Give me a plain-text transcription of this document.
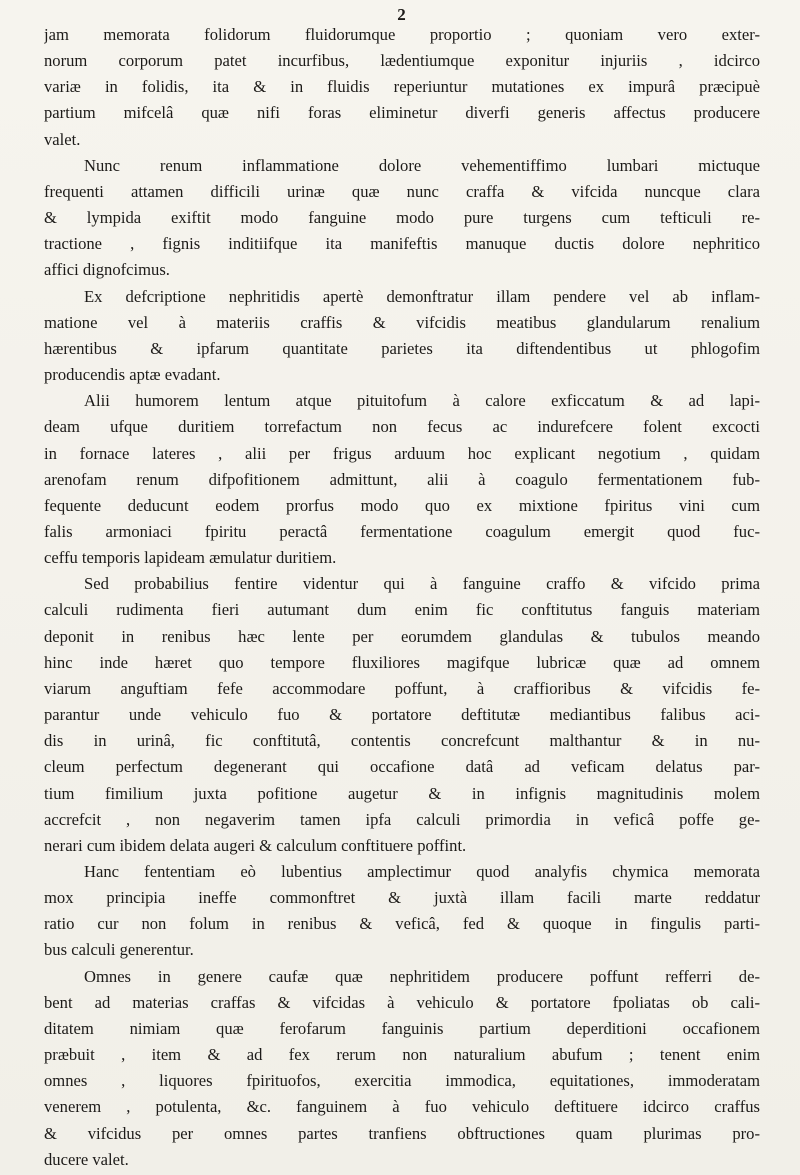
2

jam memorata folidorum fluidorumque proportio ; quoniam vero exter-
norum corporum patet incurfibus, lædentiumque exponitur injuriis , idcirco
variæ in folidis, ita & in fluidis reperiuntur mutationes ex impurâ præcipuè
partium mifcelâ quæ nifi foras eliminetur diverfi generis affectus producere
valet.

Nunc renum inflammatione dolore vehementiffimo lumbari mictuque
frequenti attamen difficili urinæ quæ nunc craffa & vifcida nuncque clara
& lympida exiftit modo fanguine modo pure turgens cum tefticuli re-
tractione , fignis inditiifque ita manifeftis manuque ductis dolore nephritico
affici dignofcimus.

Ex defcriptione nephritidis apertè demonftratur illam pendere vel ab inflam-
matione vel à materiis craffis & vifcidis meatibus glandularum renalium
hærentibus & ipfarum quantitate parietes ita diftendentibus ut phlogofim
producendis aptæ evadant.

Alii humorem lentum atque pituitofum à calore exficcatum & ad lapi-
deam ufque duritiem torrefactum non fecus ac indurefcere folent excocti
in fornace lateres , alii per frigus arduum hoc explicant negotium , quidam
arenofam renum difpofitionem admittunt, alii à coagulo fermentationem fub-
fequente deducunt eodem prorfus modo quo ex mixtione fpiritus vini cum
falis armoniaci fpiritu peractâ fermentatione coagulum emergit quod fuc-
ceffu temporis lapideam æmulatur duritiem.

Sed probabilius fentire videntur qui à fanguine craffo & vifcido prima
calculi rudimenta fieri autumant dum enim fic conftitutus fanguis materiam
deponit in renibus hæc lente per eorumdem glandulas & tubulos meando
hinc inde hæret quo tempore fluxiliores magifque lubricæ quæ ad omnem
viarum anguftiam fefe accommodare poffunt, à craffioribus & vifcidis fe-
parantur unde vehiculo fuo & portatore deftitutæ mediantibus falibus aci-
dis in urinâ, fic conftitutâ, contentis concrefcunt malthantur & in nu-
cleum perfectum degenerant qui occafione datâ ad veficam delatus par-
tium fimilium juxta pofitione augetur & in infignis magnitudinis molem
accrefcit , non negaverim tamen ipfa calculi primordia in veficâ poffe ge-
nerari cum ibidem delata augeri & calculum conftituere poffint.

Hanc fententiam eò lubentius amplectimur quod analyfis chymica memorata
mox principia ineffe commonftret & juxtà illam facili marte reddatur
ratio cur non folum in renibus & veficâ, fed & quoque in fingulis parti-
bus calculi generentur.

Omnes in genere caufæ quæ nephritidem producere poffunt refferri de-
bent ad materias craffas & vifcidas à vehiculo & portatore fpoliatas ob cali-
ditatem nimiam quæ ferofarum fanguinis partium deperditioni occafionem
præbuit , item & ad fex rerum non naturalium abufum ; tenent enim
omnes , liquores fpirituofos, exercitia immodica, equitationes, immoderatam
venerem , potulenta, &c. fanguinem à fuo vehiculo deftituere idcirco craffus
& vifcidus per omnes partes tranfiens obftructiones quam plurimas pro-
ducere valet.
